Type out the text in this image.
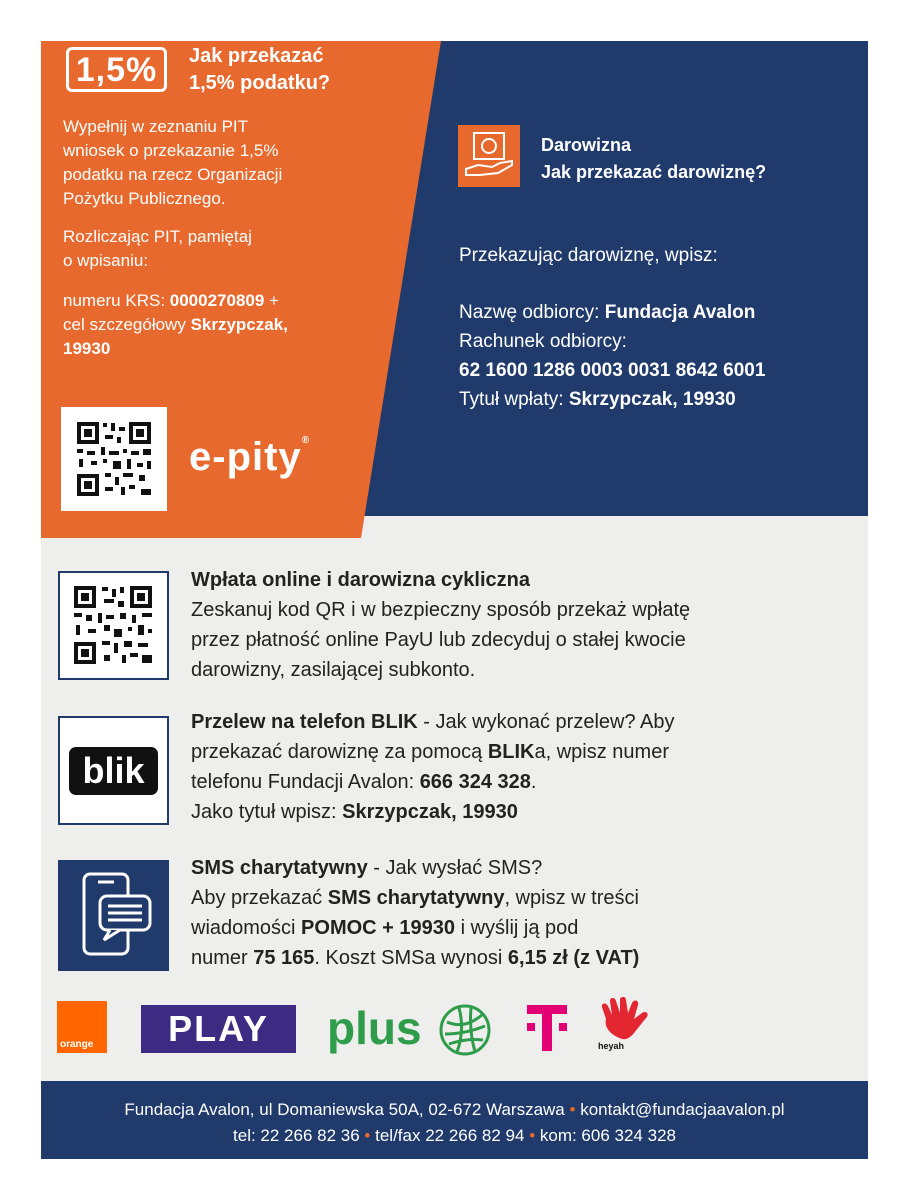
1,5%	Jak przekazać
1,5% podatku?
Wypełnij w zeznaniu PIT
wniosek o przekazanie 1,5%
podatku na rzecz Organizacji
Pożytku Publicznego.
Rozliczając PIT, pamiętaj
o wpisaniu:
numeru KRS: 0000270809 +
cel szczegółowy Skrzypczak,
19930
e-pity®
Darowizna
Jak przekazać darowiznę?
Przekazując darowiznę, wpisz:
Nazwę odbiorcy: Fundacja Avalon
Rachunek odbiorcy:
62 1600 1286 0003 0031 8642 6001
Tytuł wpłaty: Skrzypczak, 19930
Wpłata online i darowizna cykliczna
Zeskanuj kod QR i w bezpieczny sposób przekaż wpłatę
przez płatność online PayU lub zdecyduj o stałej kwocie
darowizny, zasilającej subkonto.
blik
Przelew na telefon BLIK - Jak wykonać przelew? Aby
przekazać darowiznę za pomocą BLIKa, wpisz numer
telefonu Fundacji Avalon: 666 324 328.
Jako tytuł wpisz: Skrzypczak, 19930
SMS charytatywny - Jak wysłać SMS?
Aby przekazać SMS charytatywny, wpisz w treści
wiadomości POMOC + 19930 i wyślij ją pod
numer 75 165. Koszt SMSa wynosi 6,15 zł (z VAT)
orange	PLAY	plus	heyah
Fundacja Avalon, ul Domaniewska 50A, 02-672 Warszawa • kontakt@fundacjaavalon.pl
tel: 22 266 82 36 • tel/fax 22 266 82 94 • kom: 606 324 328
